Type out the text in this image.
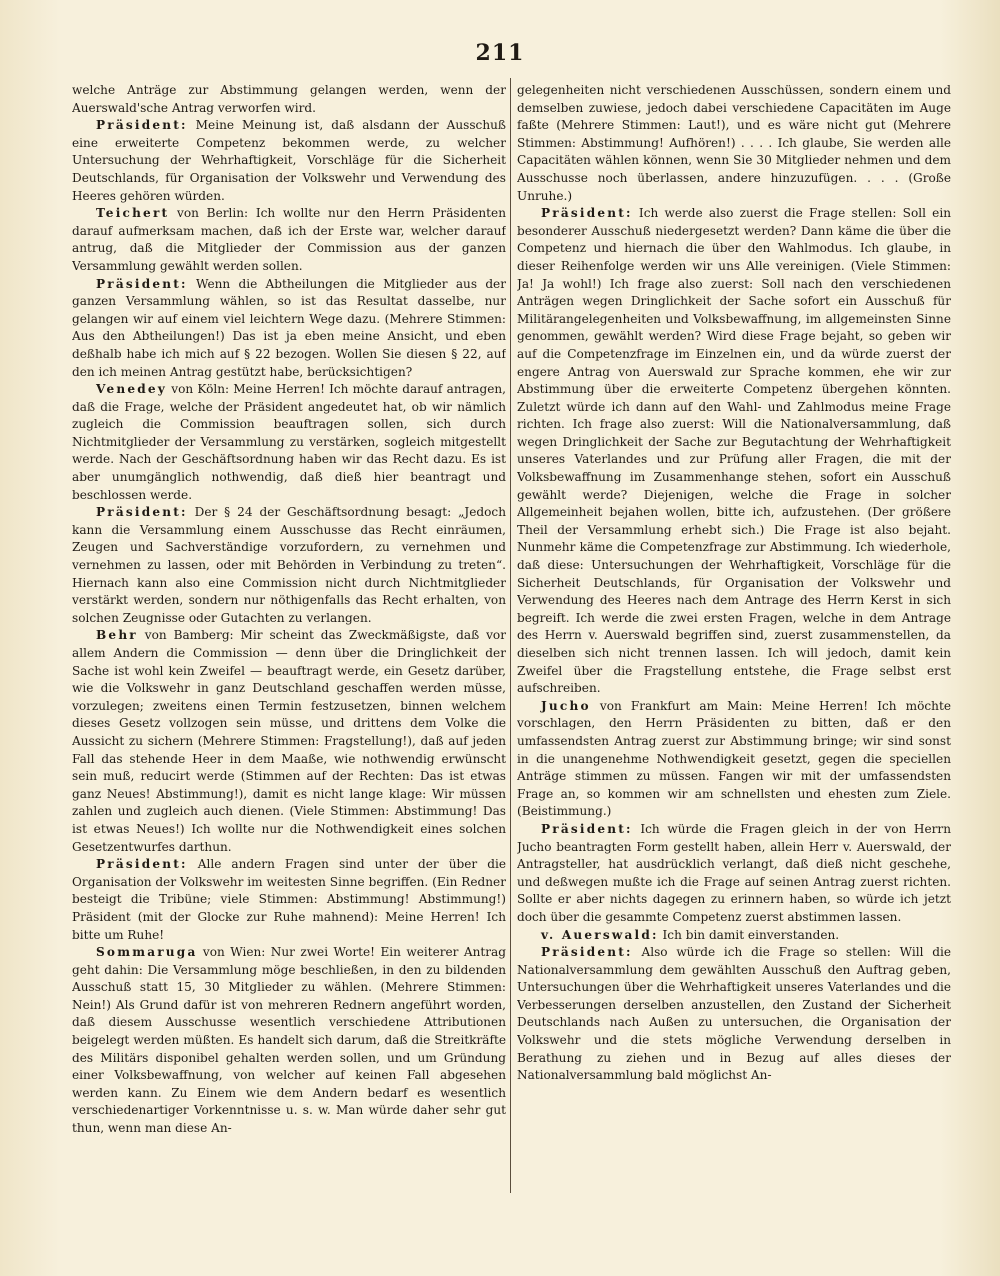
211

welche Anträge zur Abstimmung gelangen werden, wenn der Auerswald'sche Antrag verworfen wird.

Präsident: Meine Meinung ist, daß alsdann der Ausschuß eine erweiterte Competenz bekommen werde, zu welcher Untersuchung der Wehrhaftigkeit, Vorschläge für die Sicherheit Deutschlands, für Organisation der Volkswehr und Verwendung des Heeres gehören würden.

Teichert von Berlin: Ich wollte nur den Herrn Präsidenten darauf aufmerksam machen, daß ich der Erste war, welcher darauf antrug, daß die Mitglieder der Commission aus der ganzen Versammlung gewählt werden sollen.

Präsident: Wenn die Abtheilungen die Mitglieder aus der ganzen Versammlung wählen, so ist das Resultat dasselbe, nur gelangen wir auf einem viel leichtern Wege dazu. (Mehrere Stimmen: Aus den Abtheilungen!) Das ist ja eben meine Ansicht, und eben deßhalb habe ich mich auf § 22 bezogen. Wollen Sie diesen § 22, auf den ich meinen Antrag gestützt habe, berücksichtigen?

Venedey von Köln: Meine Herren! Ich möchte darauf antragen, daß die Frage, welche der Präsident angedeutet hat, ob wir nämlich zugleich die Commission beauftragen sollen, sich durch Nichtmitglieder der Versammlung zu verstärken, sogleich mitgestellt werde. Nach der Geschäftsordnung haben wir das Recht dazu. Es ist aber unumgänglich nothwendig, daß dieß hier beantragt und beschlossen werde.

Präsident: Der § 24 der Geschäftsordnung besagt: „Jedoch kann die Versammlung einem Ausschusse das Recht einräumen, Zeugen und Sachverständige vorzufordern, zu vernehmen und vernehmen zu lassen, oder mit Behörden in Verbindung zu treten“. Hiernach kann also eine Commission nicht durch Nichtmitglieder verstärkt werden, sondern nur nöthigenfalls das Recht erhalten, von solchen Zeugnisse oder Gutachten zu verlangen.

Behr von Bamberg: Mir scheint das Zweckmäßigste, daß vor allem Andern die Commission — denn über die Dringlichkeit der Sache ist wohl kein Zweifel — beauftragt werde, ein Gesetz darüber, wie die Volkswehr in ganz Deutschland geschaffen werden müsse, vorzulegen; zweitens einen Termin festzusetzen, binnen welchem dieses Gesetz vollzogen sein müsse, und drittens dem Volke die Aussicht zu sichern (Mehrere Stimmen: Fragstellung!), daß auf jeden Fall das stehende Heer in dem Maaße, wie nothwendig erwünscht sein muß, reducirt werde (Stimmen auf der Rechten: Das ist etwas ganz Neues! Abstimmung!), damit es nicht lange klage: Wir müssen zahlen und zugleich auch dienen. (Viele Stimmen: Abstimmung! Das ist etwas Neues!) Ich wollte nur die Nothwendigkeit eines solchen Gesetzentwurfes darthun.

Präsident: Alle andern Fragen sind unter der über die Organisation der Volkswehr im weitesten Sinne begriffen. (Ein Redner besteigt die Tribüne; viele Stimmen: Abstimmung! Abstimmung!) Präsident (mit der Glocke zur Ruhe mahnend): Meine Herren! Ich bitte um Ruhe!

Sommaruga von Wien: Nur zwei Worte! Ein weiterer Antrag geht dahin: Die Versammlung möge beschließen, in den zu bildenden Ausschuß statt 15, 30 Mitglieder zu wählen. (Mehrere Stimmen: Nein!) Als Grund dafür ist von mehreren Rednern angeführt worden, daß diesem Ausschusse wesentlich verschiedene Attributionen beigelegt werden müßten. Es handelt sich darum, daß die Streitkräfte des Militärs disponibel gehalten werden sollen, und um Gründung einer Volksbewaffnung, von welcher auf keinen Fall abgesehen werden kann. Zu Einem wie dem Andern bedarf es wesentlich verschiedenartiger Vorkenntnisse u. s. w. Man würde daher sehr gut thun, wenn man diese An-

gelegenheiten nicht verschiedenen Ausschüssen, sondern einem und demselben zuwiese, jedoch dabei verschiedene Capacitäten im Auge faßte (Mehrere Stimmen: Laut!), und es wäre nicht gut (Mehrere Stimmen: Abstimmung! Aufhören!) . . . . Ich glaube, Sie werden alle Capacitäten wählen können, wenn Sie 30 Mitglieder nehmen und dem Ausschusse noch überlassen, andere hinzuzufügen. . . . (Große Unruhe.)

Präsident: Ich werde also zuerst die Frage stellen: Soll ein besonderer Ausschuß niedergesetzt werden? Dann käme die über die Competenz und hiernach die über den Wahlmodus. Ich glaube, in dieser Reihenfolge werden wir uns Alle vereinigen. (Viele Stimmen: Ja! Ja wohl!) Ich frage also zuerst: Soll nach den verschiedenen Anträgen wegen Dringlichkeit der Sache sofort ein Ausschuß für Militärangelegenheiten und Volksbewaffnung, im allgemeinsten Sinne genommen, gewählt werden? Wird diese Frage bejaht, so geben wir auf die Competenzfrage im Einzelnen ein, und da würde zuerst der engere Antrag von Auerswald zur Sprache kommen, ehe wir zur Abstimmung über die erweiterte Competenz übergehen könnten. Zuletzt würde ich dann auf den Wahl- und Zahlmodus meine Frage richten. Ich frage also zuerst: Will die Nationalversammlung, daß wegen Dringlichkeit der Sache zur Begutachtung der Wehrhaftigkeit unseres Vaterlandes und zur Prüfung aller Fragen, die mit der Volksbewaffnung im Zusammenhange stehen, sofort ein Ausschuß gewählt werde? Diejenigen, welche die Frage in solcher Allgemeinheit bejahen wollen, bitte ich, aufzustehen. (Der größere Theil der Versammlung erhebt sich.) Die Frage ist also bejaht. Nunmehr käme die Competenzfrage zur Abstimmung. Ich wiederhole, daß diese: Untersuchungen der Wehrhaftigkeit, Vorschläge für die Sicherheit Deutschlands, für Organisation der Volkswehr und Verwendung des Heeres nach dem Antrage des Herrn Kerst in sich begreift. Ich werde die zwei ersten Fragen, welche in dem Antrage des Herrn v. Auerswald begriffen sind, zuerst zusammenstellen, da dieselben sich nicht trennen lassen. Ich will jedoch, damit kein Zweifel über die Fragstellung entstehe, die Frage selbst erst aufschreiben.

Jucho von Frankfurt am Main: Meine Herren! Ich möchte vorschlagen, den Herrn Präsidenten zu bitten, daß er den umfassendsten Antrag zuerst zur Abstimmung bringe; wir sind sonst in die unangenehme Nothwendigkeit gesetzt, gegen die speciellen Anträge stimmen zu müssen. Fangen wir mit der umfassendsten Frage an, so kommen wir am schnellsten und ehesten zum Ziele. (Beistimmung.)

Präsident: Ich würde die Fragen gleich in der von Herrn Jucho beantragten Form gestellt haben, allein Herr v. Auerswald, der Antragsteller, hat ausdrücklich verlangt, daß dieß nicht geschehe, und deßwegen mußte ich die Frage auf seinen Antrag zuerst richten. Sollte er aber nichts dagegen zu erinnern haben, so würde ich jetzt doch über die gesammte Competenz zuerst abstimmen lassen.

v. Auerswald: Ich bin damit einverstanden.

Präsident: Also würde ich die Frage so stellen: Will die Nationalversammlung dem gewählten Ausschuß den Auftrag geben, Untersuchungen über die Wehrhaftigkeit unseres Vaterlandes und die Verbesserungen derselben anzustellen, den Zustand der Sicherheit Deutschlands nach Außen zu untersuchen, die Organisation der Volkswehr und die stets mögliche Verwendung derselben in Berathung zu ziehen und in Bezug auf alles dieses der Nationalversammlung bald möglichst An-
